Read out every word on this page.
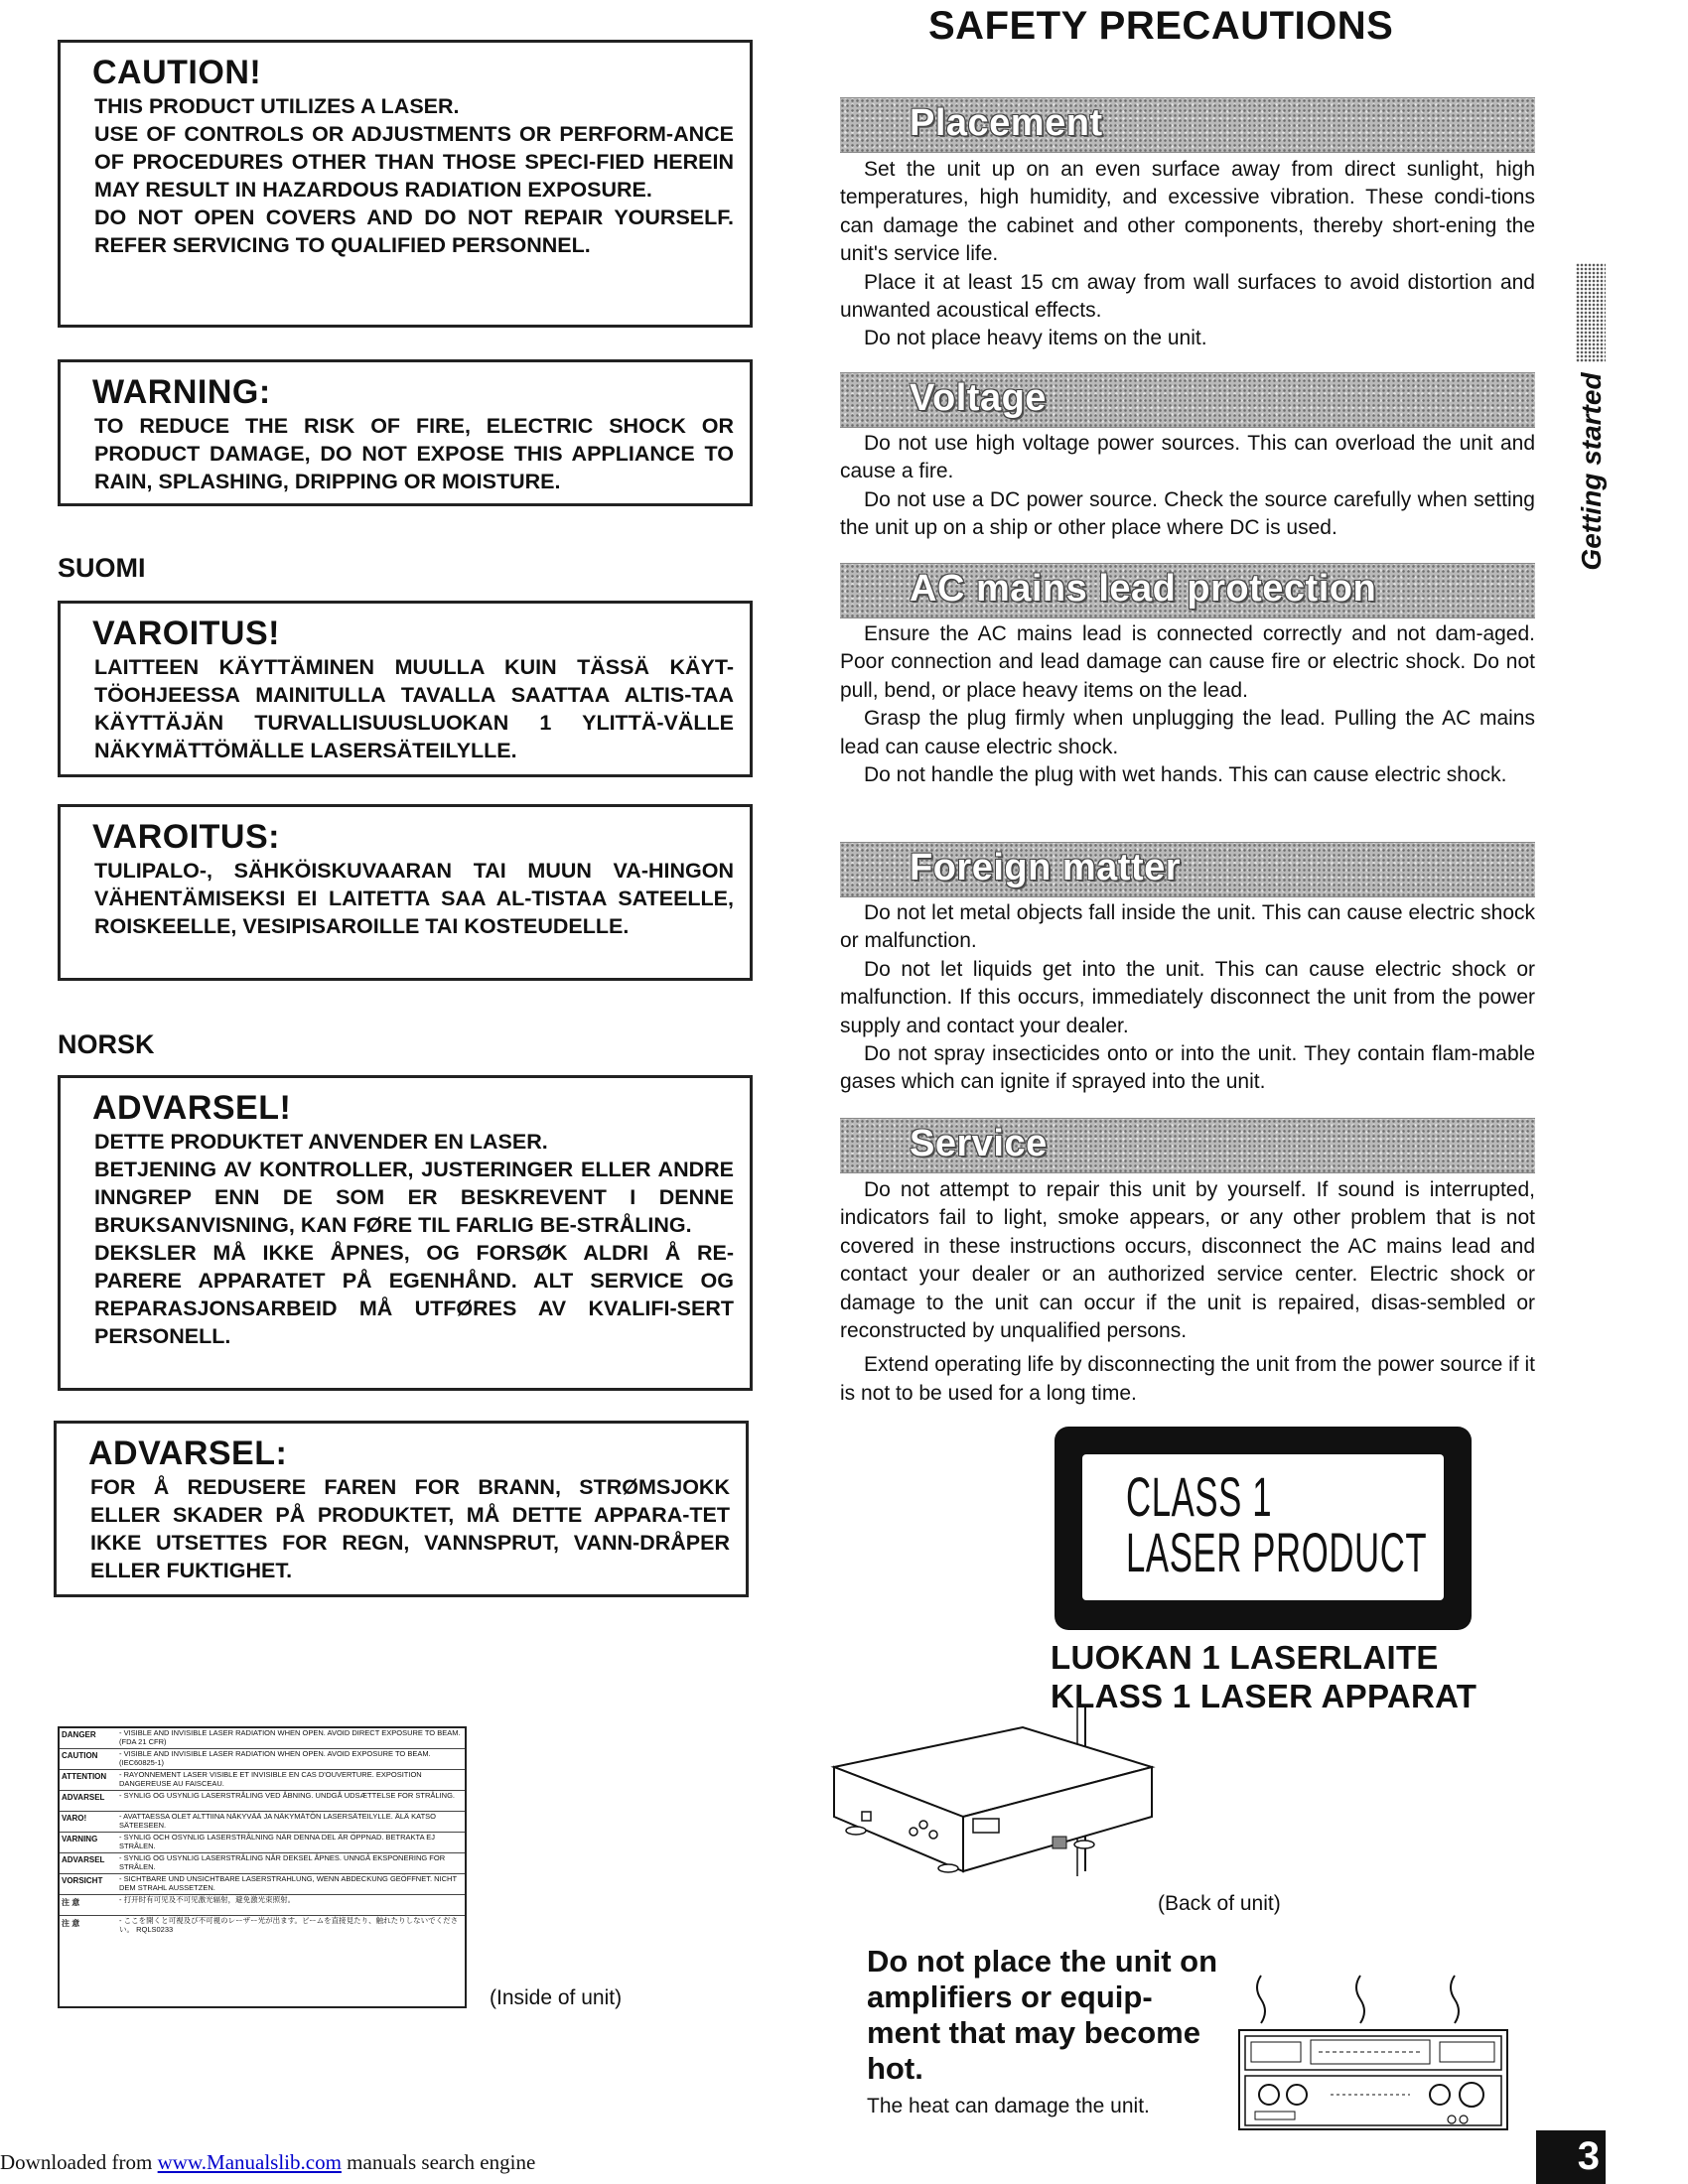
CAUTION!

THIS PRODUCT UTILIZES A LASER.

USE OF CONTROLS OR ADJUSTMENTS OR PERFORM-ANCE OF PROCEDURES OTHER THAN THOSE SPECI-FIED HEREIN MAY RESULT IN HAZARDOUS RADIATION EXPOSURE.

DO NOT OPEN COVERS AND DO NOT REPAIR YOURSELF. REFER SERVICING TO QUALIFIED PERSONNEL.

WARNING:

TO REDUCE THE RISK OF FIRE, ELECTRIC SHOCK OR PRODUCT DAMAGE, DO NOT EXPOSE THIS APPLIANCE TO RAIN, SPLASHING, DRIPPING OR MOISTURE.

SUOMI
VAROITUS!

LAITTEEN KÄYTTÄMINEN MUULLA KUIN TÄSSÄ KÄYT-TÖOHJEESSA MAINITULLA TAVALLA SAATTAA ALTIS-TAA KÄYTTÄJÄN TURVALLISUUSLUOKAN 1 YLITTÄ-VÄLLE NÄKYMÄTTÖMÄLLE LASERSÄTEILYLLE.

VAROITUS:

TULIPALO-, SÄHKÖISKUVAARAN TAI MUUN VA-HINGON VÄHENTÄMISEKSI EI LAITETTA SAA AL-TISTAA SATEELLE, ROISKEELLE, VESIPISAROILLE TAI KOSTEUDELLE.

NORSK
ADVARSEL!

DETTE PRODUKTET ANVENDER EN LASER.

BETJENING AV KONTROLLER, JUSTERINGER ELLER ANDRE INNGREP ENN DE SOM ER BESKREVENT I DENNE BRUKSANVISNING, KAN FØRE TIL FARLIG BE-STRÅLING.

DEKSLER MÅ IKKE ÅPNES, OG FORSØK ALDRI Å RE-PARERE APPARATET PÅ EGENHÅND. ALT SERVICE OG REPARASJONSARBEID MÅ UTFØRES AV KVALIFI-SERT PERSONELL.

ADVARSEL:

FOR Å REDUSERE FAREN FOR BRANN, STRØMSJOKK ELLER SKADER PÅ PRODUKTET, MÅ DETTE APPARA-TET IKKE UTSETTES FOR REGN, VANNSPRUT, VANN-DRÅPER ELLER FUKTIGHET.

DANGER	- VISIBLE AND INVISIBLE LASER RADIATION WHEN OPEN. AVOID DIRECT EXPOSURE TO BEAM. (FDA 21 CFR)
CAUTION	- VISIBLE AND INVISIBLE LASER RADIATION WHEN OPEN. AVOID EXPOSURE TO BEAM. (IEC60825-1)
ATTENTION	- RAYONNEMENT LASER VISIBLE ET INVISIBLE EN CAS D'OUVERTURE. EXPOSITION DANGEREUSE AU FAISCEAU.
ADVARSEL	- SYNLIG OG USYNLIG LASERSTRÅLING VED ÅBNING. UNDGÅ UDSÆTTELSE FOR STRÅLING.
VARO!	- AVATTAESSA OLET ALTTIINA NÄKYVÄÄ JA NÄKYMÄTÖN LASERSÄTEILYLLE. ÄLÄ KATSO SÄTEESEEN.
VARNING	- SYNLIG OCH OSYNLIG LASERSTRÅLNING NÄR DENNA DEL ÄR ÖPPNAD. BETRAKTA EJ STRÅLEN.
ADVARSEL	- SYNLIG OG USYNLIG LASERSTRÅLING NÅR DEKSEL ÅPNES. UNNGÅ EKSPONERING FOR STRÅLEN.
VORSICHT	- SICHTBARE UND UNSICHTBARE LASERSTRAHLUNG, WENN ABDECKUNG GEÖFFNET. NICHT DEM STRAHL AUSSETZEN.
注 意	- 打开时有可见及不可见激光辐射，避免激光束照射。
注 意	- ここを開くと可視及び不可視のレーザー光が出ます。ビームを直接見たり、触れたりしないでください。 RQLS0233
(Inside of unit)
SAFETY PRECAUTIONS
Placement

Set the unit up on an even surface away from direct sunlight, high temperatures, high humidity, and excessive vibration. These condi-tions can damage the cabinet and other components, thereby short-ening the unit's service life.

Place it at least 15 cm away from wall surfaces to avoid distortion and unwanted acoustical effects.

Do not place heavy items on the unit.

Voltage

Do not use high voltage power sources. This can overload the unit and cause a fire.

Do not use a DC power source. Check the source carefully when setting the unit up on a ship or other place where DC is used.

AC mains lead protection

Ensure the AC mains lead is connected correctly and not dam-aged. Poor connection and lead damage can cause fire or electric shock. Do not pull, bend, or place heavy items on the lead.

Grasp the plug firmly when unplugging the lead. Pulling the AC mains lead can cause electric shock.

Do not handle the plug with wet hands. This can cause electric shock.

Foreign matter

Do not let metal objects fall inside the unit. This can cause electric shock or malfunction.

Do not let liquids get into the unit. This can cause electric shock or malfunction. If this occurs, immediately disconnect the unit from the power supply and contact your dealer.

Do not spray insecticides onto or into the unit. They contain flam-mable gases which can ignite if sprayed into the unit.

Service

Do not attempt to repair this unit by yourself. If sound is interrupted, indicators fail to light, smoke appears, or any other problem that is not covered in these instructions occurs, disconnect the AC mains lead and contact your dealer or an authorized service center. Electric shock or damage to the unit can occur if the unit is repaired, disas-sembled or reconstructed by unqualified persons.

Extend operating life by disconnecting the unit from the power source if it is not to be used for a long time.

Getting started
CLASS 1
LASER PRODUCT
LUOKAN 1 LASERLAITE
KLASS 1 LASER APPARAT
(Back of unit)
Do not place the unit on amplifiers or equip-ment that may become hot.
The heat can damage the unit.
Downloaded from www.Manualslib.com manuals search engine	3
